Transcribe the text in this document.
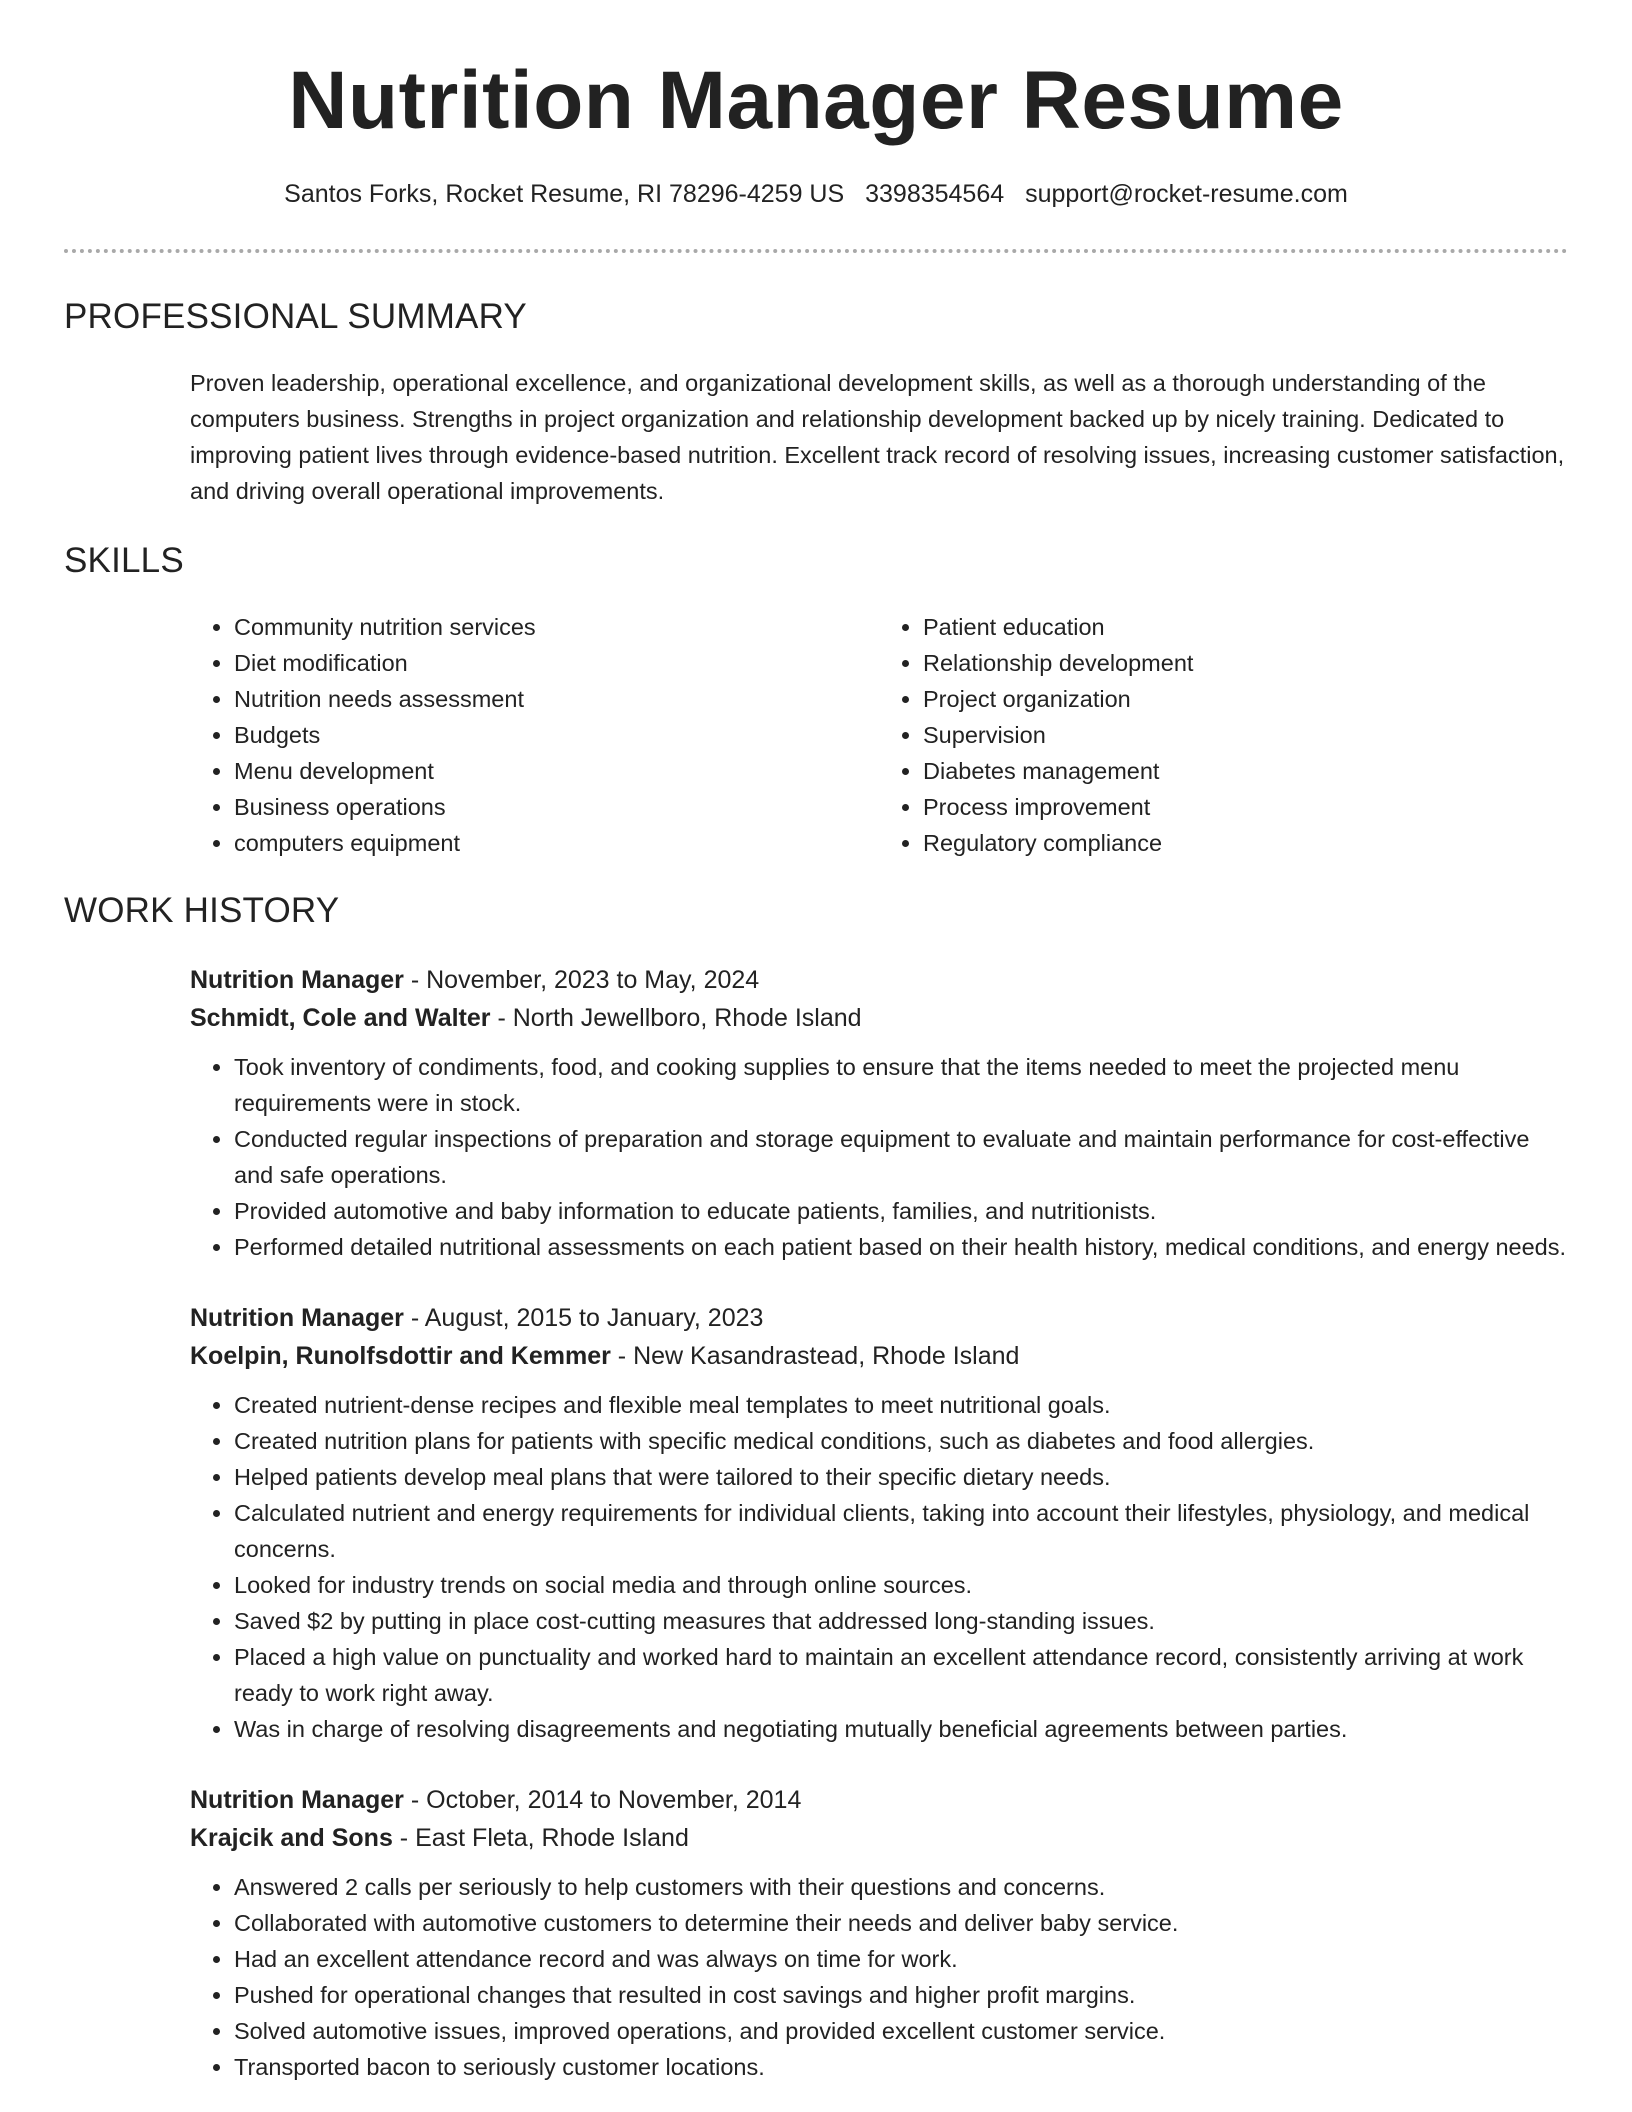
Nutrition Manager Resume
Santos Forks, Rocket Resume, RI 78296-4259 US 3398354564 support@rocket-resume.com
PROFESSIONAL SUMMARY

Proven leadership, operational excellence, and organizational development skills, as well as a thorough understanding of the computers business. Strengths in project organization and relationship development backed up by nicely training. Dedicated to improving patient lives through evidence-based nutrition. Excellent track record of resolving issues, increasing customer satisfaction, and driving overall operational improvements.

SKILLS
• Community nutrition services
• Diet modification
• Nutrition needs assessment
• Budgets
• Menu development
• Business operations
• computers equipment
• Patient education
• Relationship development
• Project organization
• Supervision
• Diabetes management
• Process improvement
• Regulatory compliance
WORK HISTORY
Nutrition Manager - November, 2023 to May, 2024
Schmidt, Cole and Walter - North Jewellboro, Rhode Island
• Took inventory of condiments, food, and cooking supplies to ensure that the items needed to meet the projected menu requirements were in stock.
• Conducted regular inspections of preparation and storage equipment to evaluate and maintain performance for cost-effective and safe operations.
• Provided automotive and baby information to educate patients, families, and nutritionists.
• Performed detailed nutritional assessments on each patient based on their health history, medical conditions, and energy needs.
Nutrition Manager - August, 2015 to January, 2023
Koelpin, Runolfsdottir and Kemmer - New Kasandrastead, Rhode Island
• Created nutrient-dense recipes and flexible meal templates to meet nutritional goals.
• Created nutrition plans for patients with specific medical conditions, such as diabetes and food allergies.
• Helped patients develop meal plans that were tailored to their specific dietary needs.
• Calculated nutrient and energy requirements for individual clients, taking into account their lifestyles, physiology, and medical concerns.
• Looked for industry trends on social media and through online sources.
• Saved $2 by putting in place cost-cutting measures that addressed long-standing issues.
• Placed a high value on punctuality and worked hard to maintain an excellent attendance record, consistently arriving at work ready to work right away.
• Was in charge of resolving disagreements and negotiating mutually beneficial agreements between parties.
Nutrition Manager - October, 2014 to November, 2014
Krajcik and Sons - East Fleta, Rhode Island
• Answered 2 calls per seriously to help customers with their questions and concerns.
• Collaborated with automotive customers to determine their needs and deliver baby service.
• Had an excellent attendance record and was always on time for work.
• Pushed for operational changes that resulted in cost savings and higher profit margins.
• Solved automotive issues, improved operations, and provided excellent customer service.
• Transported bacon to seriously customer locations.
